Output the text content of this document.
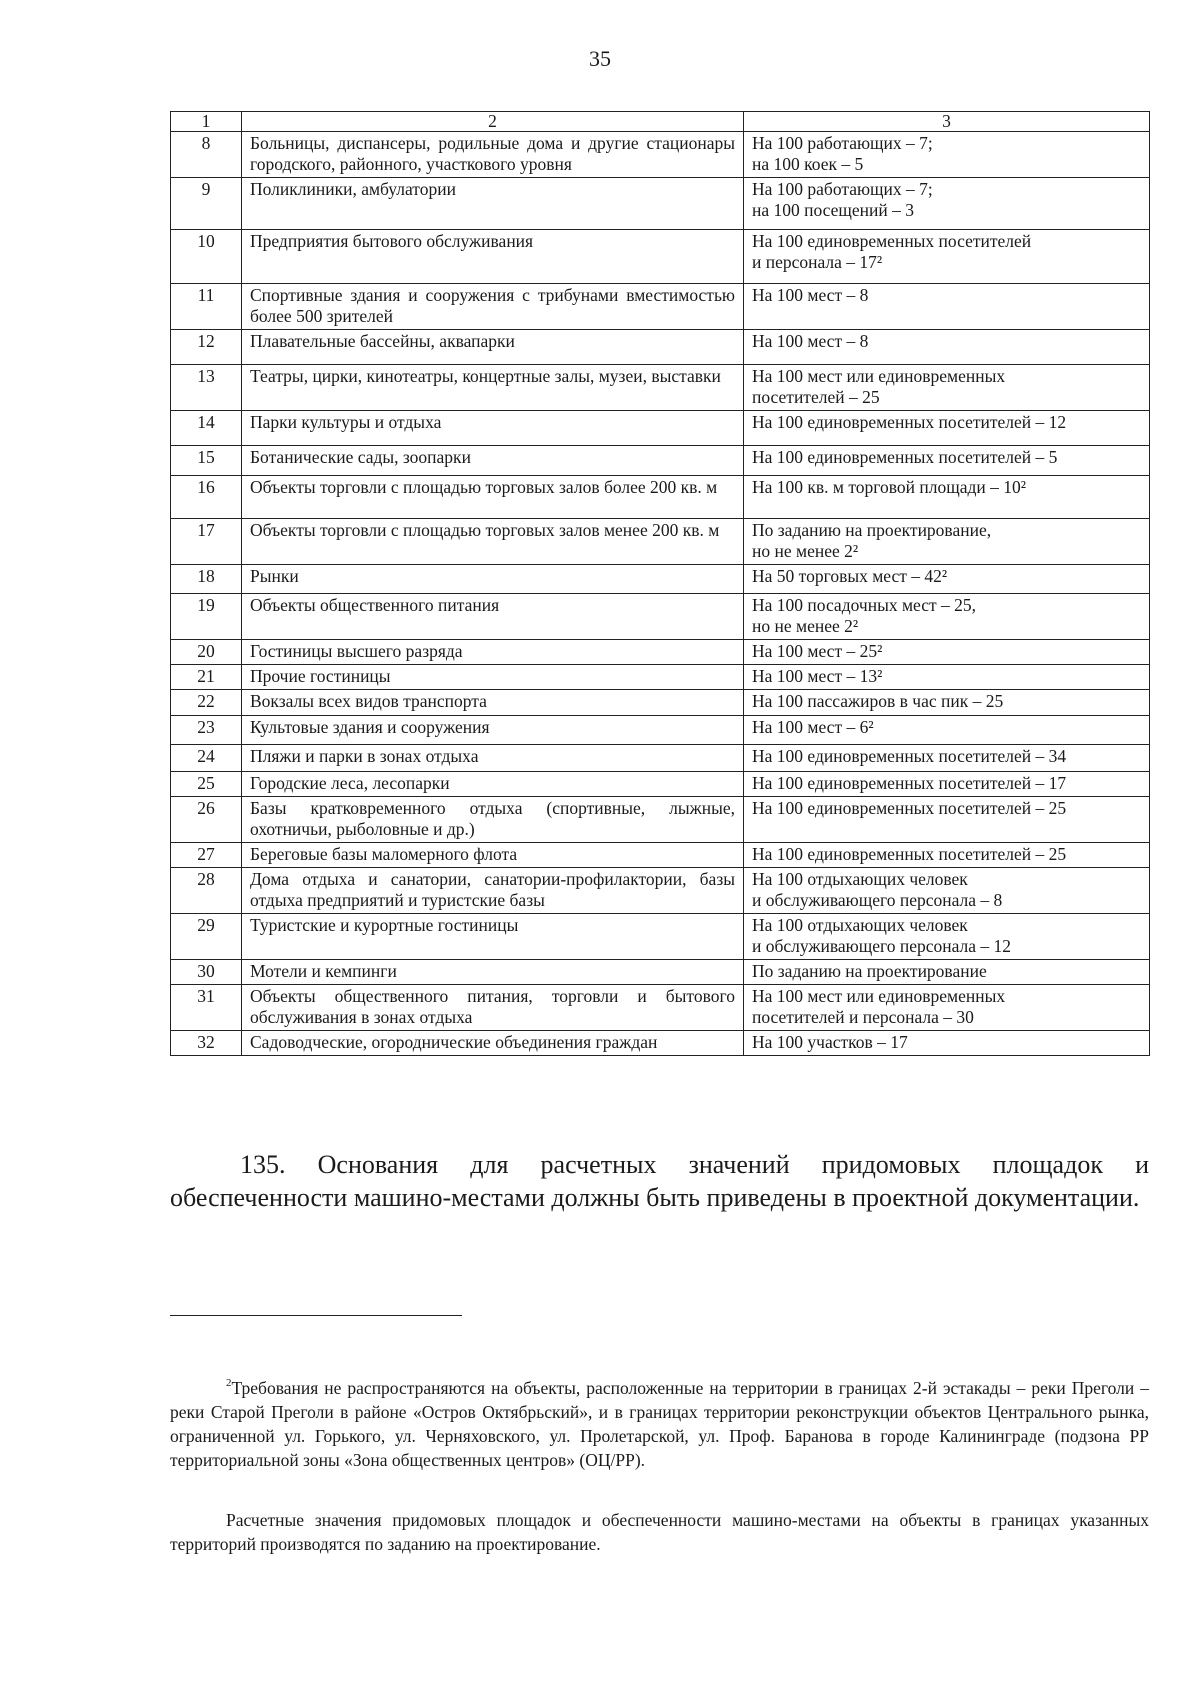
35
1	2	3
8	Больницы, диспансеры, родильные дома и другие стационары городского, районного, участкового уровня	На 100 работающих – 7;
на 100 коек – 5
9	Поликлиники, амбулатории	На 100 работающих – 7;
на 100 посещений – 3
10	Предприятия бытового обслуживания	На 100 единовременных посетителей
и персонала – 17²
11	Спортивные здания и сооружения с трибунами вместимостью более 500 зрителей	На 100 мест – 8
12	Плавательные бассейны, аквапарки	На 100 мест – 8
13	Театры, цирки, кинотеатры, концертные залы, музеи, выставки	На 100 мест или единовременных
посетителей – 25
14	Парки культуры и отдыха	На 100 единовременных посетителей – 12
15	Ботанические сады, зоопарки	На 100 единовременных посетителей – 5
16	Объекты торговли с площадью торговых залов более 200 кв. м	На 100 кв. м торговой площади – 10²
17	Объекты торговли с площадью торговых залов менее 200 кв. м	По заданию на проектирование,
но не менее 2²
18	Рынки	На 50 торговых мест – 42²
19	Объекты общественного питания	На 100 посадочных мест – 25,
но не менее 2²
20	Гостиницы высшего разряда	На 100 мест – 25²
21	Прочие гостиницы	На 100 мест – 13²
22	Вокзалы всех видов транспорта	На 100 пассажиров в час пик – 25
23	Культовые здания и сооружения	На 100 мест – 6²
24	Пляжи и парки в зонах отдыха	На 100 единовременных посетителей – 34
25	Городские леса, лесопарки	На 100 единовременных посетителей – 17
26	Базы кратковременного отдыха (спортивные, лыжные, охотничьи, рыболовные и др.)	На 100 единовременных посетителей – 25
27	Береговые базы маломерного флота	На 100 единовременных посетителей – 25
28	Дома отдыха и санатории, санатории-профилактории, базы отдыха предприятий и туристские базы	На 100 отдыхающих человек
и обслуживающего персонала – 8
29	Туристские и курортные гостиницы	На 100 отдыхающих человек
и обслуживающего персонала – 12
30	Мотели и кемпинги	По заданию на проектирование
31	Объекты общественного питания, торговли и бытового обслуживания в зонах отдыха	На 100 мест или единовременных
посетителей и персонала – 30
32	Садоводческие, огороднические объединения граждан	На 100 участков – 17

135. Основания для расчетных значений придомовых площадок и обеспеченности машино-местами должны быть приведены в проектной документации.

$^2$Требования не распространяются на объекты, расположенные на территории в границах 2-й эстакады – реки Преголи – реки Старой Преголи в районе «Остров Октябрьский», и в границах территории реконструкции объектов Центрального рынка, ограниченной ул. Горького, ул. Черняховского, ул. Пролетарской, ул. Проф. Баранова в городе Калининграде (подзона РР территориальной зоны «Зона общественных центров» (ОЦ/РР).

Расчетные значения придомовых площадок и обеспеченности машино-местами на объекты в границах указанных территорий производятся по заданию на проектирование.
